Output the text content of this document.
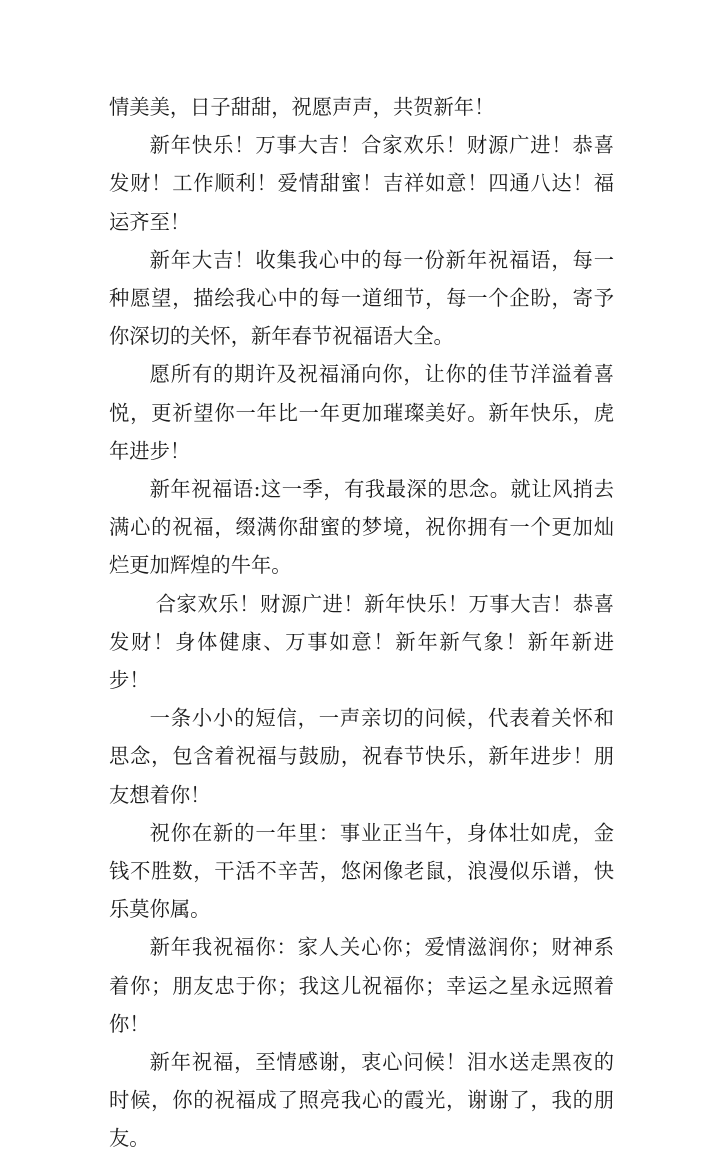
情美美，日子甜甜，祝愿声声，共贺新年！

新年快乐！万事大吉！合家欢乐！财源广进！恭喜发财！工作顺利！爱情甜蜜！吉祥如意！四通八达！福运齐至！

新年大吉！收集我心中的每一份新年祝福语，每一种愿望，描绘我心中的每一道细节，每一个企盼，寄予你深切的关怀，新年春节祝福语大全。

愿所有的期许及祝福涌向你，让你的佳节洋溢着喜悦，更祈望你一年比一年更加璀璨美好。新年快乐，虎年进步！

新年祝福语:这一季，有我最深的思念。就让风捎去满心的祝福，缀满你甜蜜的梦境，祝你拥有一个更加灿烂更加辉煌的牛年。

合家欢乐！财源广进！新年快乐！万事大吉！恭喜发财！身体健康、万事如意！新年新气象！新年新进步！

一条小小的短信，一声亲切的问候，代表着关怀和思念，包含着祝福与鼓励，祝春节快乐，新年进步！朋友想着你！

祝你在新的一年里：事业正当午，身体壮如虎，金钱不胜数，干活不辛苦，悠闲像老鼠，浪漫似乐谱，快乐莫你属。

新年我祝福你：家人关心你；爱情滋润你；财神系着你；朋友忠于你；我这儿祝福你；幸运之星永远照着你！

新年祝福，至情感谢，衷心问候！泪水送走黑夜的时候，你的祝福成了照亮我心的霞光，谢谢了，我的朋友。
